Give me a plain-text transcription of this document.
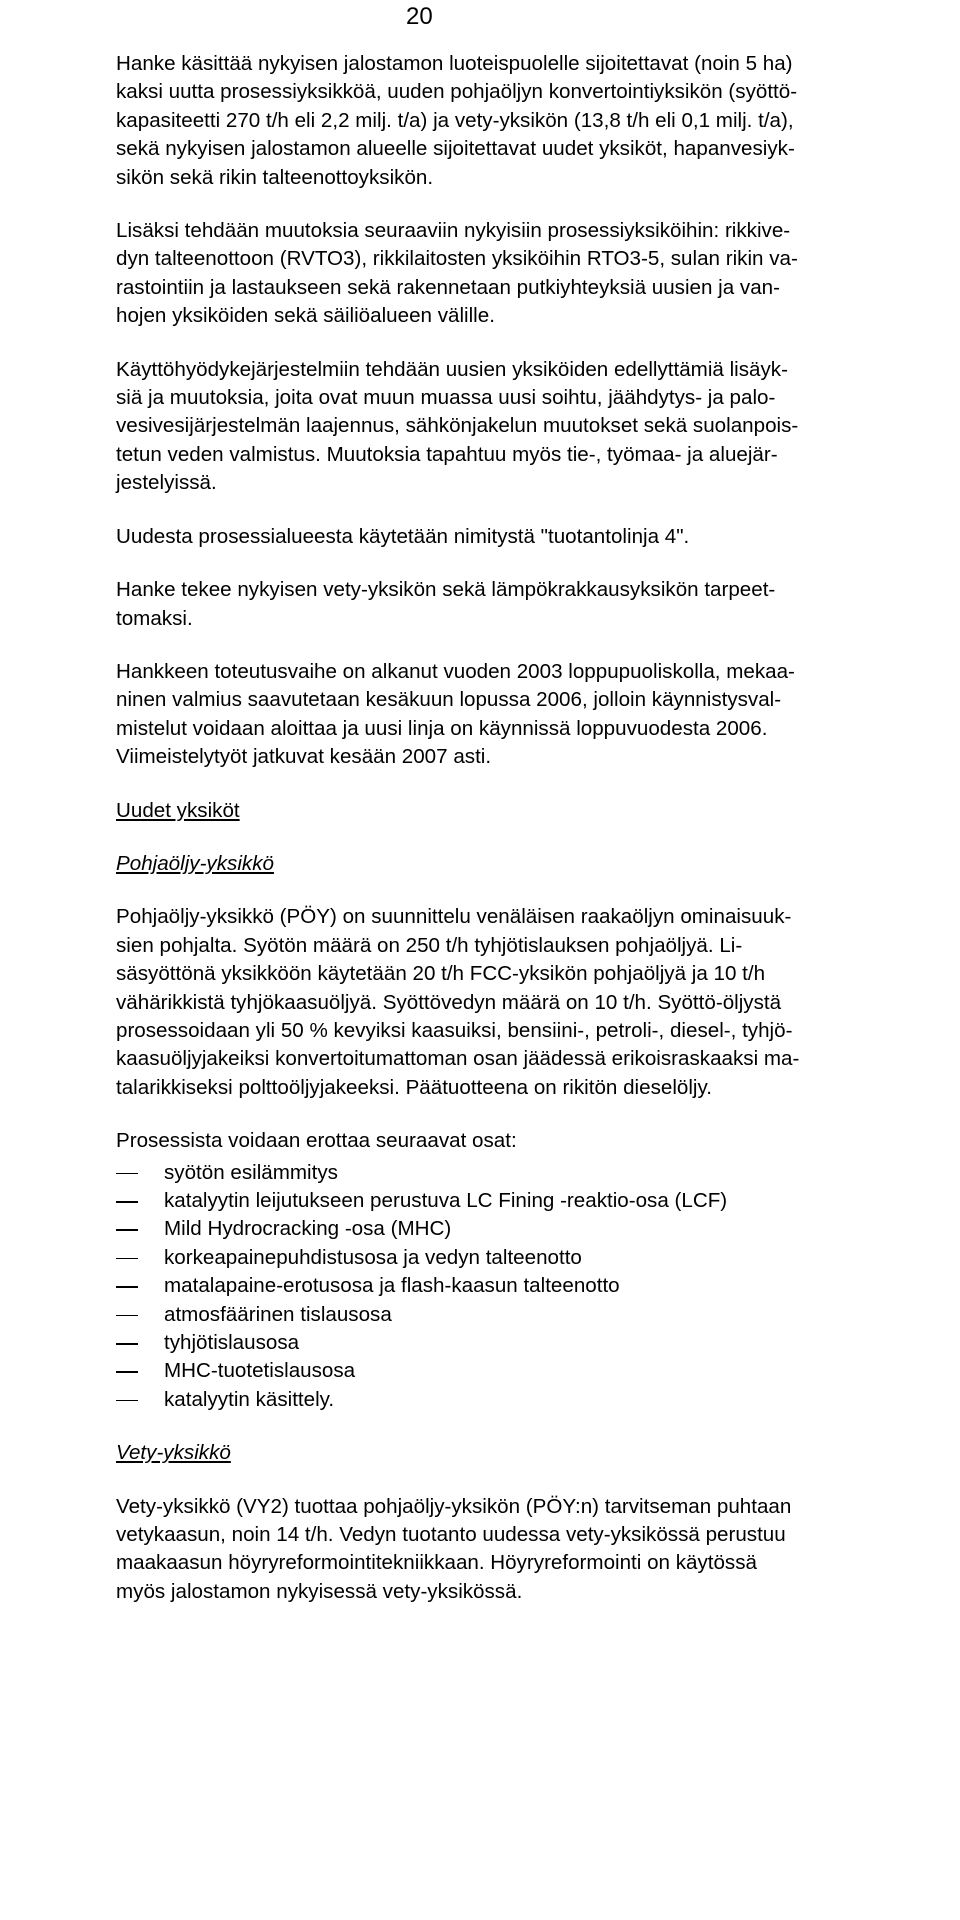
20

Hanke käsittää nykyisen jalostamon luoteispuolelle sijoitettavat (noin 5 ha)
kaksi uutta prosessiyksikköä, uuden pohjaöljyn konvertointiyksikön (syöttö-
kapasiteetti 270 t/h eli 2,2 milj. t/a) ja vety-yksikön (13,8 t/h eli 0,1 milj. t/a),
sekä nykyisen jalostamon alueelle sijoitettavat uudet yksiköt, hapanvesiyk-
sikön sekä rikin talteenottoyksikön.

Lisäksi tehdään muutoksia seuraaviin nykyisiin prosessiyksiköihin: rikkive-
dyn talteenottoon (RVTO3), rikkilaitosten yksiköihin RTO3-5, sulan rikin va-
rastointiin ja lastaukseen sekä rakennetaan putkiyhteyksiä uusien ja van-
hojen yksiköiden sekä säiliöalueen välille.

Käyttöhyödykejärjestelmiin tehdään uusien yksiköiden edellyttämiä lisäyk-
siä ja muutoksia, joita ovat muun muassa uusi soihtu, jäähdytys- ja palo-
vesivesijärjestelmän laajennus, sähkönjakelun muutokset sekä suolanpois-
tetun veden valmistus. Muutoksia tapahtuu myös tie-, työmaa- ja aluejär-
jestelyissä.

Uudesta prosessialueesta käytetään nimitystä "tuotantolinja 4".

Hanke tekee nykyisen vety-yksikön sekä lämpökrakkausyksikön tarpeet-
tomaksi.

Hankkeen toteutusvaihe on alkanut vuoden 2003 loppupuoliskolla, mekaa-
ninen valmius saavutetaan kesäkuun lopussa 2006, jolloin käynnistysval-
mistelut voidaan aloittaa ja uusi linja on käynnissä loppuvuodesta 2006.
Viimeistelytyöt jatkuvat kesään 2007 asti.

Uudet yksiköt

Pohjaöljy-yksikkö

Pohjaöljy-yksikkö (PÖY) on suunnittelu venäläisen raakaöljyn ominaisuuk-
sien pohjalta. Syötön määrä on 250 t/h tyhjötislauksen pohjaöljyä. Li-
säsyöttönä yksikköön käytetään 20 t/h FCC-yksikön pohjaöljyä ja 10 t/h
vähärikkistä tyhjökaasuöljyä. Syöttövedyn määrä on 10 t/h. Syöttö-öljystä
prosessoidaan yli 50 % kevyiksi kaasuiksi, bensiini-, petroli-, diesel-, tyhjö-
kaasuöljyjakeiksi konvertoitumattoman osan jäädessä erikoisraskaaksi ma-
talarikkiseksi polttoöljyjakeeksi. Päätuotteena on rikitön dieselöljy.

Prosessista voidaan erottaa seuraavat osat:

syötön esilämmitys
katalyytin leijutukseen perustuva LC Fining -reaktio-osa (LCF)
Mild Hydrocracking -osa (MHC)
korkeapainepuhdistusosa ja vedyn talteenotto
matalapaine-erotusosa ja flash-kaasun talteenotto
atmosfäärinen tislausosa
tyhjötislausosa
MHC-tuotetislausosa
katalyytin käsittely.

Vety-yksikkö

Vety-yksikkö (VY2) tuottaa pohjaöljy-yksikön (PÖY:n) tarvitseman puhtaan
vetykaasun, noin 14 t/h. Vedyn tuotanto uudessa vety-yksikössä perustuu
maakaasun höyryreformointitekniikkaan. Höyryreformointi on käytössä
myös jalostamon nykyisessä vety-yksikössä.
